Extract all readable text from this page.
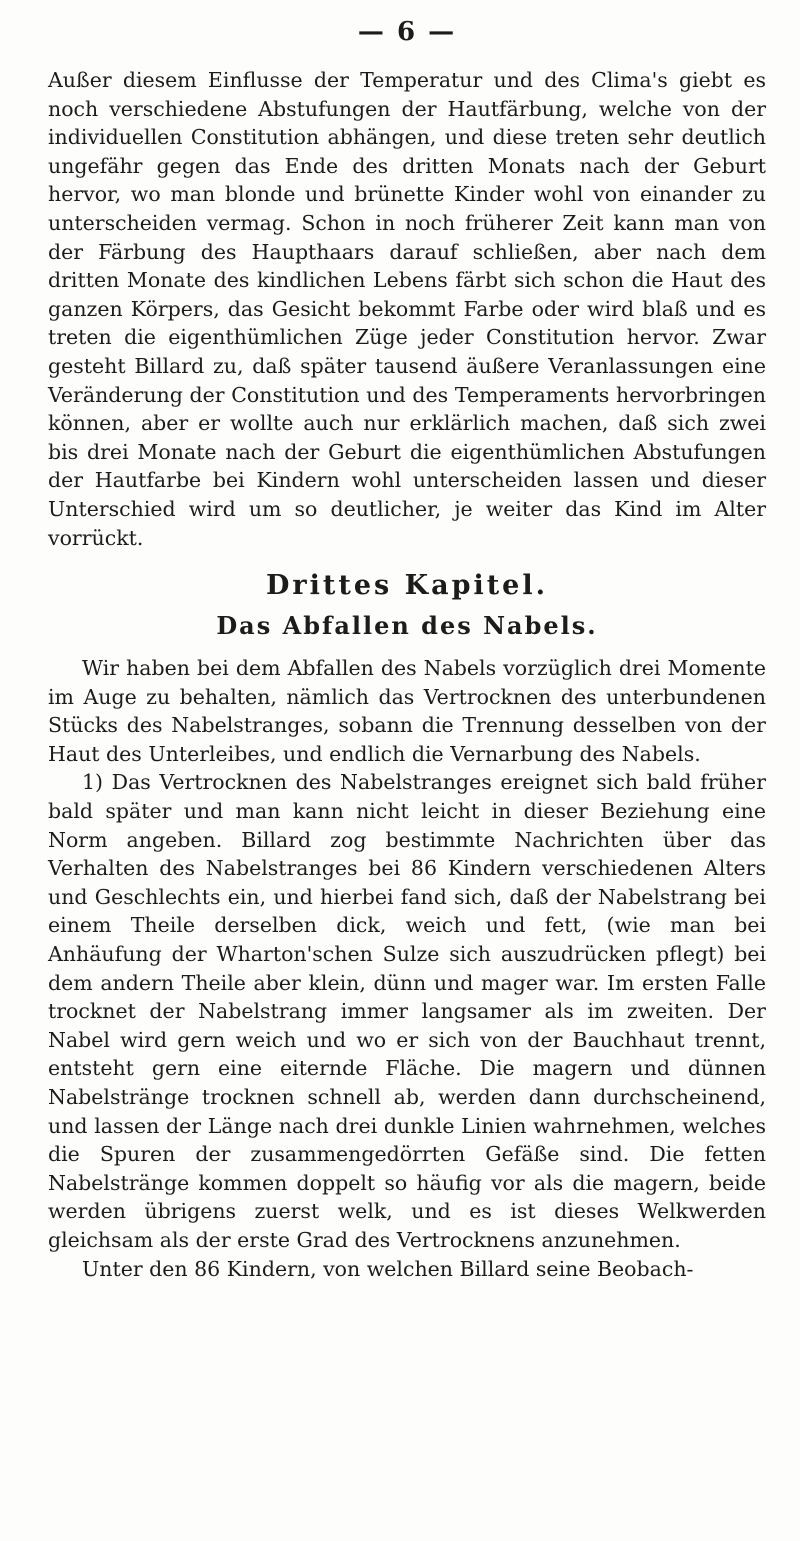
— 6 —

Außer diesem Einflusse der Temperatur und des Clima's giebt es noch verschiedene Abstufungen der Hautfärbung, welche von der individuellen Constitution abhängen, und diese treten sehr deutlich ungefähr gegen das Ende des dritten Monats nach der Geburt hervor, wo man blonde und brünette Kinder wohl von einander zu unterscheiden vermag. Schon in noch früherer Zeit kann man von der Färbung des Haupthaars darauf schließen, aber nach dem dritten Monate des kindlichen Lebens färbt sich schon die Haut des ganzen Körpers, das Gesicht bekommt Farbe oder wird blaß und es treten die eigenthümlichen Züge jeder Constitution hervor. Zwar gesteht Billard zu, daß später tausend äußere Veranlassungen eine Veränderung der Constitution und des Temperaments hervorbringen können, aber er wollte auch nur erklärlich machen, daß sich zwei bis drei Monate nach der Geburt die eigenthümlichen Abstufungen der Hautfarbe bei Kindern wohl unterscheiden lassen und dieser Unterschied wird um so deutlicher, je weiter das Kind im Alter vorrückt.

Drittes Kapitel.
Das Abfallen des Nabels.

Wir haben bei dem Abfallen des Nabels vorzüglich drei Momente im Auge zu behalten, nämlich das Vertrocknen des unterbundenen Stücks des Nabelstranges, sobann die Trennung desselben von der Haut des Unterleibes, und endlich die Vernarbung des Nabels.

1) Das Vertrocknen des Nabelstranges ereignet sich bald früher bald später und man kann nicht leicht in dieser Beziehung eine Norm angeben. Billard zog bestimmte Nachrichten über das Verhalten des Nabelstranges bei 86 Kindern verschiedenen Alters und Geschlechts ein, und hierbei fand sich, daß der Nabelstrang bei einem Theile derselben dick, weich und fett, (wie man bei Anhäufung der Wharton'schen Sulze sich auszudrücken pflegt) bei dem andern Theile aber klein, dünn und mager war. Im ersten Falle trocknet der Nabelstrang immer langsamer als im zweiten. Der Nabel wird gern weich und wo er sich von der Bauchhaut trennt, entsteht gern eine eiternde Fläche. Die magern und dünnen Nabelstränge trocknen schnell ab, werden dann durchscheinend, und lassen der Länge nach drei dunkle Linien wahrnehmen, welches die Spuren der zusammengedörrten Gefäße sind. Die fetten Nabelstränge kommen doppelt so häufig vor als die magern, beide werden übrigens zuerst welk, und es ist dieses Welkwerden gleichsam als der erste Grad des Vertrocknens anzunehmen.

Unter den 86 Kindern, von welchen Billard seine Beobach-
